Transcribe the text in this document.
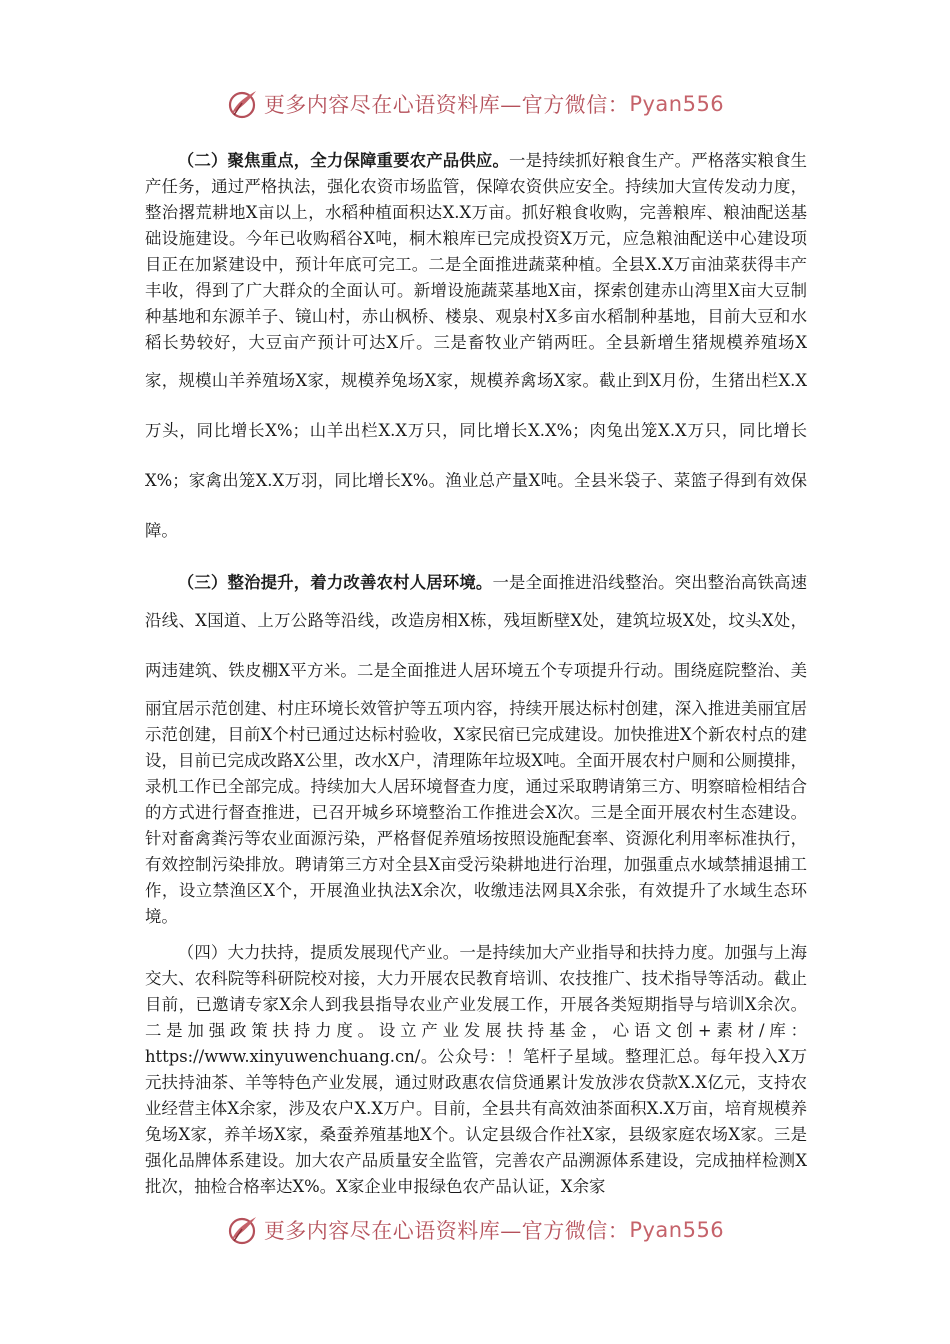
更多内容尽在心语资料库—官方微信： Pyan556

（二）聚焦重点，全力保障重要农产品供应。一是持续抓好粮食生产。严格落实粮食生产任务，通过严格执法，强化农资市场监管，保障农资供应安全。持续加大宣传发动力度，整治撂荒耕地X亩以上，水稻种植面积达X.X万亩。抓好粮食收购，完善粮库、粮油配送基础设施建设。今年已收购稻谷X吨，桐木粮库已完成投资X万元，应急粮油配送中心建设项目正在加紧建设中，预计年底可完工。二是全面推进蔬菜种植。全县X.X万亩油菜获得丰产丰收，得到了广大群众的全面认可。新增设施蔬菜基地X亩，探索创建赤山湾里X亩大豆制种基地和东源羊子、镜山村，赤山枫桥、楼泉、观泉村X多亩水稻制种基地，目前大豆和水稻长势较好，大豆亩产预计可达X斤。三是畜牧业产销两旺。全县新增生猪规模养殖场X家，规模山羊养殖场X家，规模养兔场X家，规模养禽场X家。截止到X月份，生猪出栏X.X万头，同比增长X%；山羊出栏X.X万只，同比增长X.X%；肉兔出笼X.X万只，同比增长X%；家禽出笼X.X万羽，同比增长X%。渔业总产量X吨。全县米袋子、菜篮子得到有效保障。

（三）整治提升，着力改善农村人居环境。一是全面推进沿线整治。突出整治高铁高速沿线、X国道、上万公路等沿线，改造房相X栋，残垣断壁X处，建筑垃圾X处，坟头X处，两违建筑、铁皮棚X平方米。二是全面推进人居环境五个专项提升行动。围绕庭院整治、美丽宜居示范创建、村庄环境长效管护等五项内容，持续开展达标村创建，深入推进美丽宜居示范创建，目前X个村已通过达标村验收，X家民宿已完成建设。加快推进X个新农村点的建设，目前已完成改路X公里，改水X户，清理陈年垃圾X吨。全面开展农村户厕和公厕摸排，录机工作已全部完成。持续加大人居环境督查力度，通过采取聘请第三方、明察暗检相结合的方式进行督查推进，已召开城乡环境整治工作推进会X次。三是全面开展农村生态建设。针对畜禽粪污等农业面源污染，严格督促养殖场按照设施配套率、资源化利用率标准执行，有效控制污染排放。聘请第三方对全县X亩受污染耕地进行治理，加强重点水域禁捕退捕工作，设立禁渔区X个，开展渔业执法X余次，收缴违法网具X余张，有效提升了水域生态环境。

（四）大力扶持，提质发展现代产业。一是持续加大产业指导和扶持力度。加强与上海交大、农科院等科研院校对接，大力开展农民教育培训、农技推广、技术指导等活动。截止目前，已邀请专家X余人到我县指导农业产业发展工作，开展各类短期指导与培训X余次。二是加强政策扶持力度。设立产业发展扶持基金，心语文创+素材/库：https://www.xinyuwenchuang.cn/。公众号：！笔杆子星域。整理汇总。每年投入X万元扶持油茶、羊等特色产业发展，通过财政惠农信贷通累计发放涉农贷款X.X亿元，支持农业经营主体X余家，涉及农户X.X万户。目前，全县共有高效油茶面积X.X万亩，培育规模养兔场X家，养羊场X家，桑蚕养殖基地X个。认定县级合作社X家，县级家庭农场X家。三是强化品牌体系建设。加大农产品质量安全监管，完善农产品溯源体系建设，完成抽样检测X批次，抽检合格率达X%。X家企业申报绿色农产品认证，X余家

更多内容尽在心语资料库—官方微信： Pyan556
